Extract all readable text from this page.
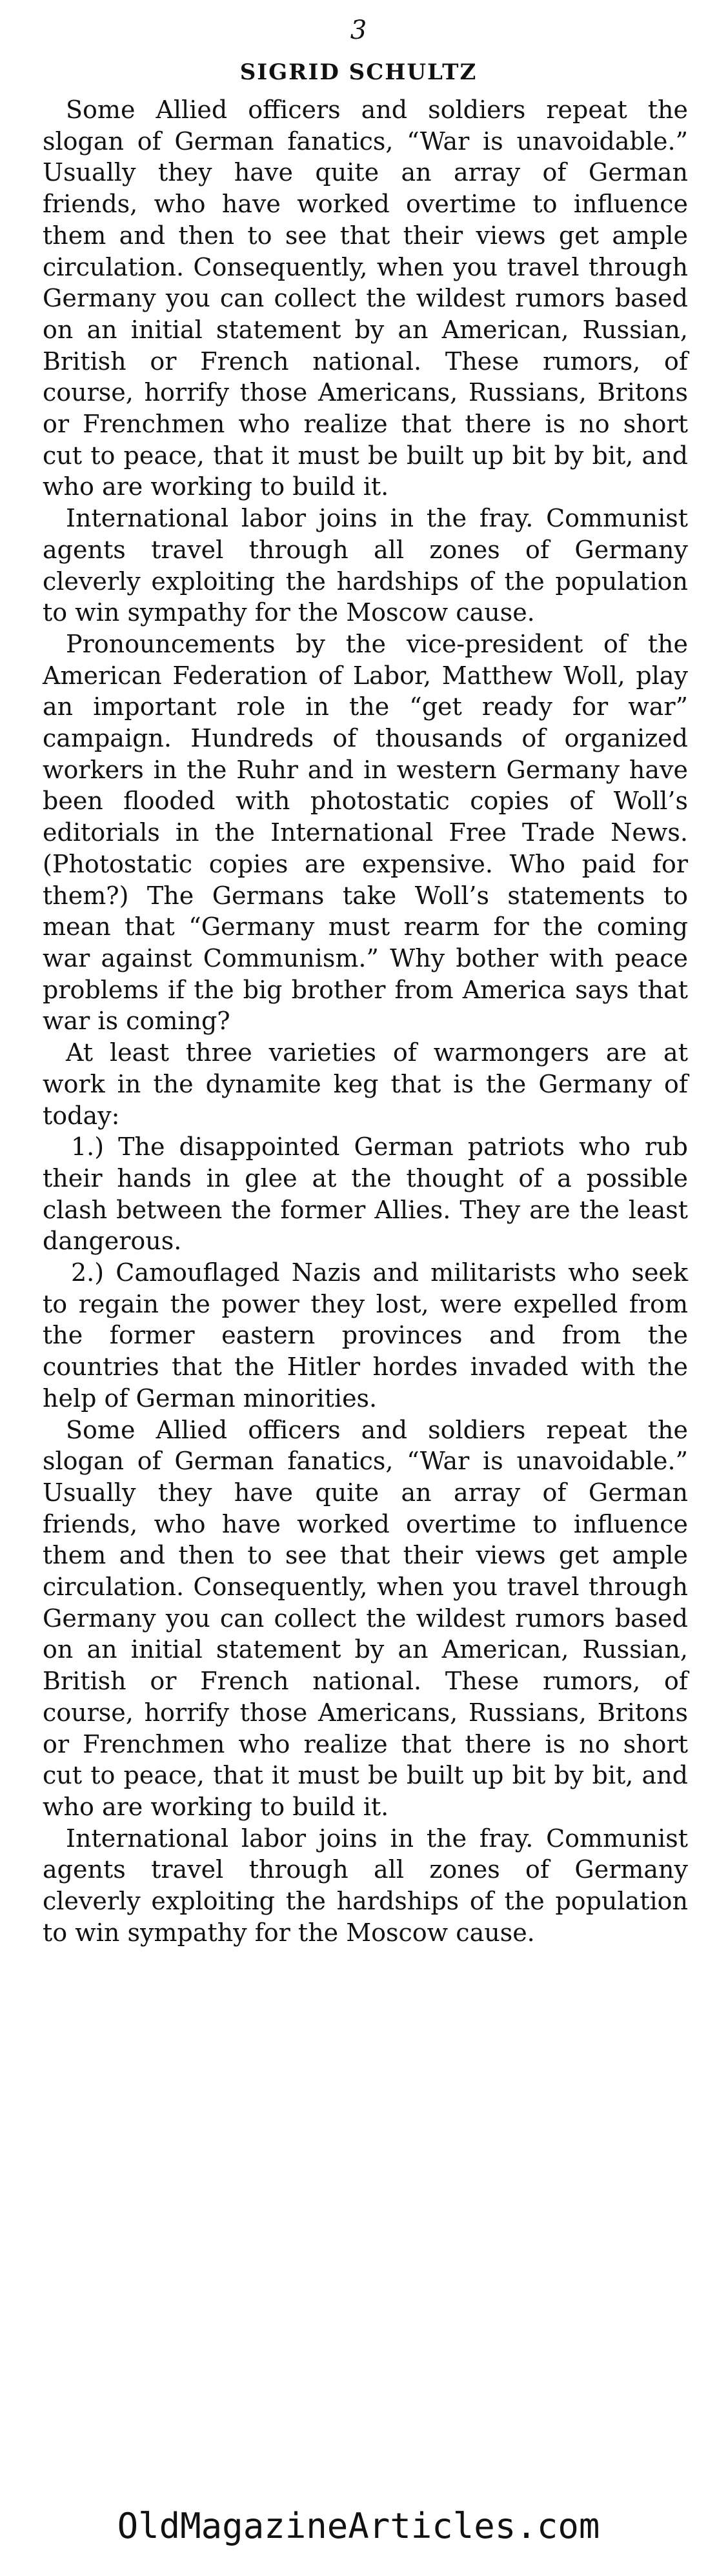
3
SIGRID SCHULTZ

Some Allied officers and soldiers repeat the slogan of German fanatics, “War is unavoidable.” Usually they have quite an array of German friends, who have worked overtime to influence them and then to see that their views get ample circulation. Consequently, when you travel through Germany you can collect the wildest rumors based on an initial statement by an American, Russian, British or French national. These rumors, of course, horrify those Americans, Russians, Britons or Frenchmen who realize that there is no short cut to peace, that it must be built up bit by bit, and who are working to build it.

International labor joins in the fray. Communist agents travel through all zones of Germany cleverly exploiting the hardships of the population to win sympathy for the Moscow cause.

Pronouncements by the vice-president of the American Federation of Labor, Matthew Woll, play an important role in the “get ready for war” campaign. Hundreds of thousands of organized workers in the Ruhr and in western Germany have been flooded with photostatic copies of Woll’s editorials in the International Free Trade News. (Photostatic copies are expensive. Who paid for them?) The Germans take Woll’s statements to mean that “Germany must rearm for the coming war against Communism.” Why bother with peace problems if the big brother from America says that war is coming?

At least three varieties of warmongers are at work in the dynamite keg that is the Germany of today:

1.) The disappointed German patriots who rub their hands in glee at the thought of a possible clash between the former Allies. They are the least dangerous.

2.) Camouflaged Nazis and militarists who seek to regain the power they lost, were expelled from the former eastern provinces and from the countries that the Hitler hordes invaded with the help of German minorities.

Some Allied officers and soldiers repeat the slogan of German fanatics, “War is unavoidable.” Usually they have quite an array of German friends, who have worked overtime to influence them and then to see that their views get ample circulation. Consequently, when you travel through Germany you can collect the wildest rumors based on an initial statement by an American, Russian, British or French national. These rumors, of course, horrify those Americans, Russians, Britons or Frenchmen who realize that there is no short cut to peace, that it must be built up bit by bit, and who are working to build it.

International labor joins in the fray. Communist agents travel through all zones of Germany cleverly exploiting the hardships of the population to win sympathy for the Moscow cause.

OldMagazineArticles.com
